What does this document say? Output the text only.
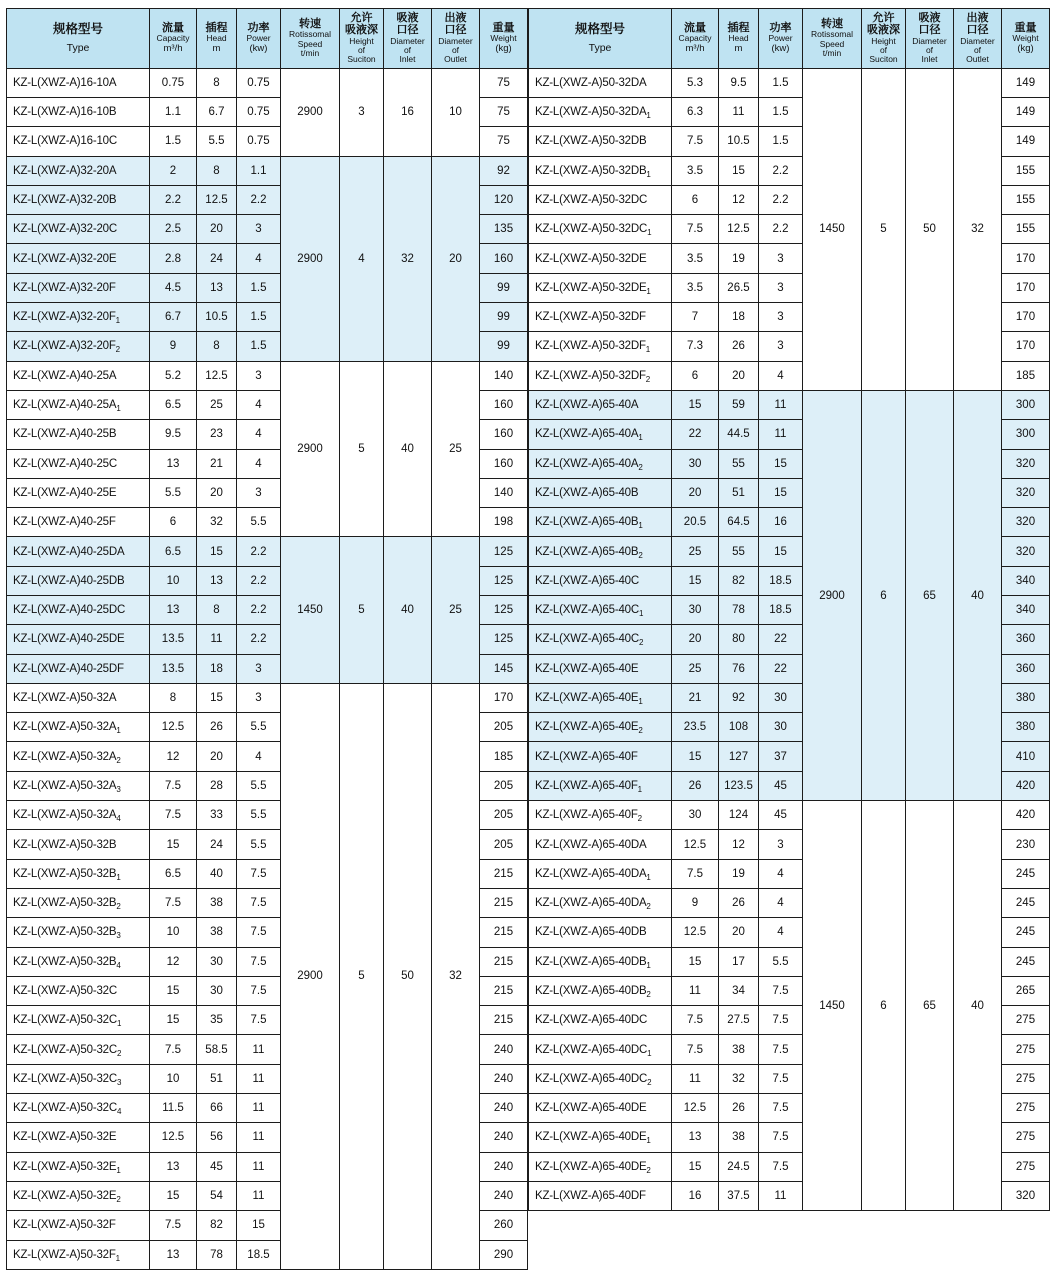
规格型号
Type	流量
Capacity
m³/h	插程
Head
m	功率
Power
(kw)	转速
Rotissomal
Speed
t/min	允许
吸液深
Height
of
Suciton	吸液
口径
Diameter
of
Inlet	出液
口径
Diameter
of
Outlet	重量
Weight
(kg)

KZ-L(XWZ-A)16-10A	0.75	8	0.75	2900	3	16	10	75
KZ-L(XWZ-A)16-10B	1.1	6.7	0.75					75
KZ-L(XWZ-A)16-10C	1.5	5.5	0.75					75
KZ-L(XWZ-A)32-20A	2	8	1.1	2900	4	32	20	92
KZ-L(XWZ-A)32-20B	2.2	12.5	2.2					120
KZ-L(XWZ-A)32-20C	2.5	20	3					135
KZ-L(XWZ-A)32-20E	2.8	24	4					160
KZ-L(XWZ-A)32-20F	4.5	13	1.5					99
$KZ-L(XWZ-A)32-20F_1$	6.7	10.5	1.5					99
$KZ-L(XWZ-A)32-20F_2$	9	8	1.5					99
KZ-L(XWZ-A)40-25A	5.2	12.5	3	2900	5	40	25	140
$KZ-L(XWZ-A)40-25A_1$	6.5	25	4					160
KZ-L(XWZ-A)40-25B	9.5	23	4					160
KZ-L(XWZ-A)40-25C	13	21	4					160
KZ-L(XWZ-A)40-25E	5.5	20	3					140
KZ-L(XWZ-A)40-25F	6	32	5.5					198
KZ-L(XWZ-A)40-25DA	6.5	15	2.2	1450	5	40	25	125
KZ-L(XWZ-A)40-25DB	10	13	2.2					125
KZ-L(XWZ-A)40-25DC	13	8	2.2					125
KZ-L(XWZ-A)40-25DE	13.5	11	2.2					125
KZ-L(XWZ-A)40-25DF	13.5	18	3					145
KZ-L(XWZ-A)50-32A	8	15	3	2900	5	50	32	170
$KZ-L(XWZ-A)50-32A_1$	12.5	26	5.5					205
$KZ-L(XWZ-A)50-32A_2$	12	20	4					185
$KZ-L(XWZ-A)50-32A_3$	7.5	28	5.5					205
$KZ-L(XWZ-A)50-32A_4$	7.5	33	5.5					205
KZ-L(XWZ-A)50-32B	15	24	5.5					205
$KZ-L(XWZ-A)50-32B_1$	6.5	40	7.5					215
$KZ-L(XWZ-A)50-32B_2$	7.5	38	7.5					215
$KZ-L(XWZ-A)50-32B_3$	10	38	7.5					215
$KZ-L(XWZ-A)50-32B_4$	12	30	7.5					215
KZ-L(XWZ-A)50-32C	15	30	7.5					215
$KZ-L(XWZ-A)50-32C_1$	15	35	7.5					215
$KZ-L(XWZ-A)50-32C_2$	7.5	58.5	11					240
$KZ-L(XWZ-A)50-32C_3$	10	51	11					240
$KZ-L(XWZ-A)50-32C_4$	11.5	66	11					240
KZ-L(XWZ-A)50-32E	12.5	56	11					240
$KZ-L(XWZ-A)50-32E_1$	13	45	11					240
$KZ-L(XWZ-A)50-32E_2$	15	54	11					240
KZ-L(XWZ-A)50-32F	7.5	82	15					260
$KZ-L(XWZ-A)50-32F_1$	13	78	18.5					290
规格型号
Type	流量
Capacity
m³/h	插程
Head
m	功率
Power
(kw)	转速
Rotissomal
Speed
t/min	允许
吸液深
Height
of
Suciton	吸液
口径
Diameter
of
Inlet	出液
口径
Diameter
of
Outlet	重量
Weight
(kg)

KZ-L(XWZ-A)50-32DA	5.3	9.5	1.5	1450	5	50	32	149
$KZ-L(XWZ-A)50-32DA_1$	6.3	11	1.5					149
KZ-L(XWZ-A)50-32DB	7.5	10.5	1.5					149
$KZ-L(XWZ-A)50-32DB_1$	3.5	15	2.2					155
KZ-L(XWZ-A)50-32DC	6	12	2.2					155
$KZ-L(XWZ-A)50-32DC_1$	7.5	12.5	2.2					155
KZ-L(XWZ-A)50-32DE	3.5	19	3					170
$KZ-L(XWZ-A)50-32DE_1$	3.5	26.5	3					170
KZ-L(XWZ-A)50-32DF	7	18	3					170
$KZ-L(XWZ-A)50-32DF_1$	7.3	26	3					170
$KZ-L(XWZ-A)50-32DF_2$	6	20	4					185
KZ-L(XWZ-A)65-40A	15	59	11	2900	6	65	40	300
$KZ-L(XWZ-A)65-40A_1$	22	44.5	11					300
$KZ-L(XWZ-A)65-40A_2$	30	55	15					320
KZ-L(XWZ-A)65-40B	20	51	15					320
$KZ-L(XWZ-A)65-40B_1$	20.5	64.5	16					320
$KZ-L(XWZ-A)65-40B_2$	25	55	15					320
KZ-L(XWZ-A)65-40C	15	82	18.5					340
$KZ-L(XWZ-A)65-40C_1$	30	78	18.5					340
$KZ-L(XWZ-A)65-40C_2$	20	80	22					360
KZ-L(XWZ-A)65-40E	25	76	22					360
$KZ-L(XWZ-A)65-40E_1$	21	92	30					380
$KZ-L(XWZ-A)65-40E_2$	23.5	108	30					380
KZ-L(XWZ-A)65-40F	15	127	37					410
$KZ-L(XWZ-A)65-40F_1$	26	123.5	45					420
$KZ-L(XWZ-A)65-40F_2$	30	124	45	1450	6	65	40	420
KZ-L(XWZ-A)65-40DA	12.5	12	3					230
$KZ-L(XWZ-A)65-40DA_1$	7.5	19	4					245
$KZ-L(XWZ-A)65-40DA_2$	9	26	4					245
KZ-L(XWZ-A)65-40DB	12.5	20	4					245
$KZ-L(XWZ-A)65-40DB_1$	15	17	5.5					245
$KZ-L(XWZ-A)65-40DB_2$	11	34	7.5					265
KZ-L(XWZ-A)65-40DC	7.5	27.5	7.5					275
$KZ-L(XWZ-A)65-40DC_1$	7.5	38	7.5					275
$KZ-L(XWZ-A)65-40DC_2$	11	32	7.5					275
KZ-L(XWZ-A)65-40DE	12.5	26	7.5					275
$KZ-L(XWZ-A)65-40DE_1$	13	38	7.5					275
$KZ-L(XWZ-A)65-40DE_2$	15	24.5	7.5					275
KZ-L(XWZ-A)65-40DF	16	37.5	11					320
